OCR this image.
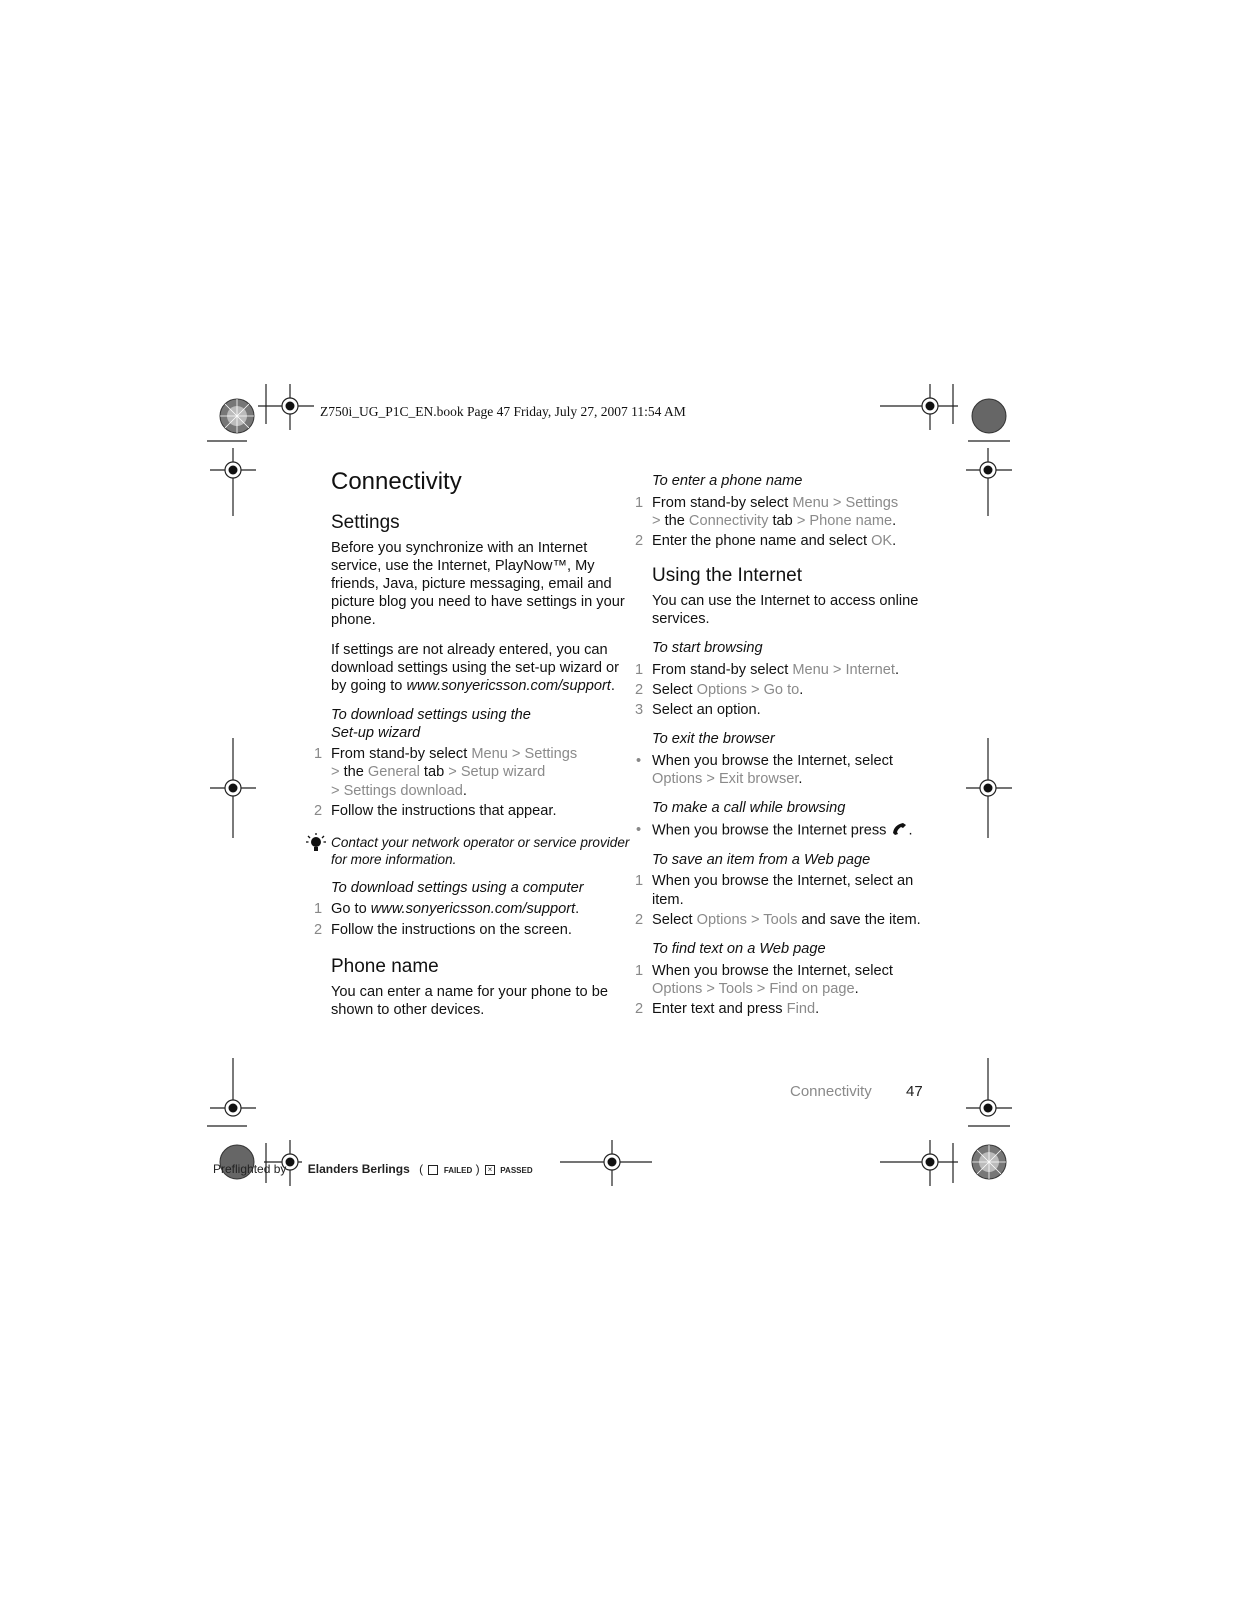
Z750i_UG_P1C_EN.book Page 47 Friday, July 27, 2007 11:54 AM
Connectivity
Settings

Before you synchronize with an Internet service, use the Internet, PlayNow™, My friends, Java, picture messaging, email and picture blog you need to have settings in your phone.

If settings are not already entered, you can download settings using the set-up wizard or by going to www.sonyericsson.com/support.

To download settings using the Set-up wizard
1 From stand-by select Menu > Settings
> the General tab > Setup wizard
> Settings download.
2 Follow the instructions that appear.
Contact your network operator or service provider for more information.
To download settings using a computer
1 Go to www.sonyericsson.com/support.
2 Follow the instructions on the screen.
Phone name

You can enter a name for your phone to be shown to other devices.

To enter a phone name
1 From stand-by select Menu > Settings
> the Connectivity tab > Phone name.
2 Enter the phone name and select OK.
Using the Internet

You can use the Internet to access online services.

To start browsing
1 From stand-by select Menu > Internet.
2 Select Options > Go to.
3 Select an option.
To exit the browser
• When you browse the Internet, select Options > Exit browser.
To make a call while browsing
• When you browse the Internet press .
To save an item from a Web page
1 When you browse the Internet, select an item.
2 Select Options > Tools and save the item.
To find text on a Web page
1 When you browse the Internet, select Options > Tools > Find on page.
2 Enter text and press Find.
Connectivity 47
Preflighted by Elanders Berlings (  FAILED ) × PASSED
